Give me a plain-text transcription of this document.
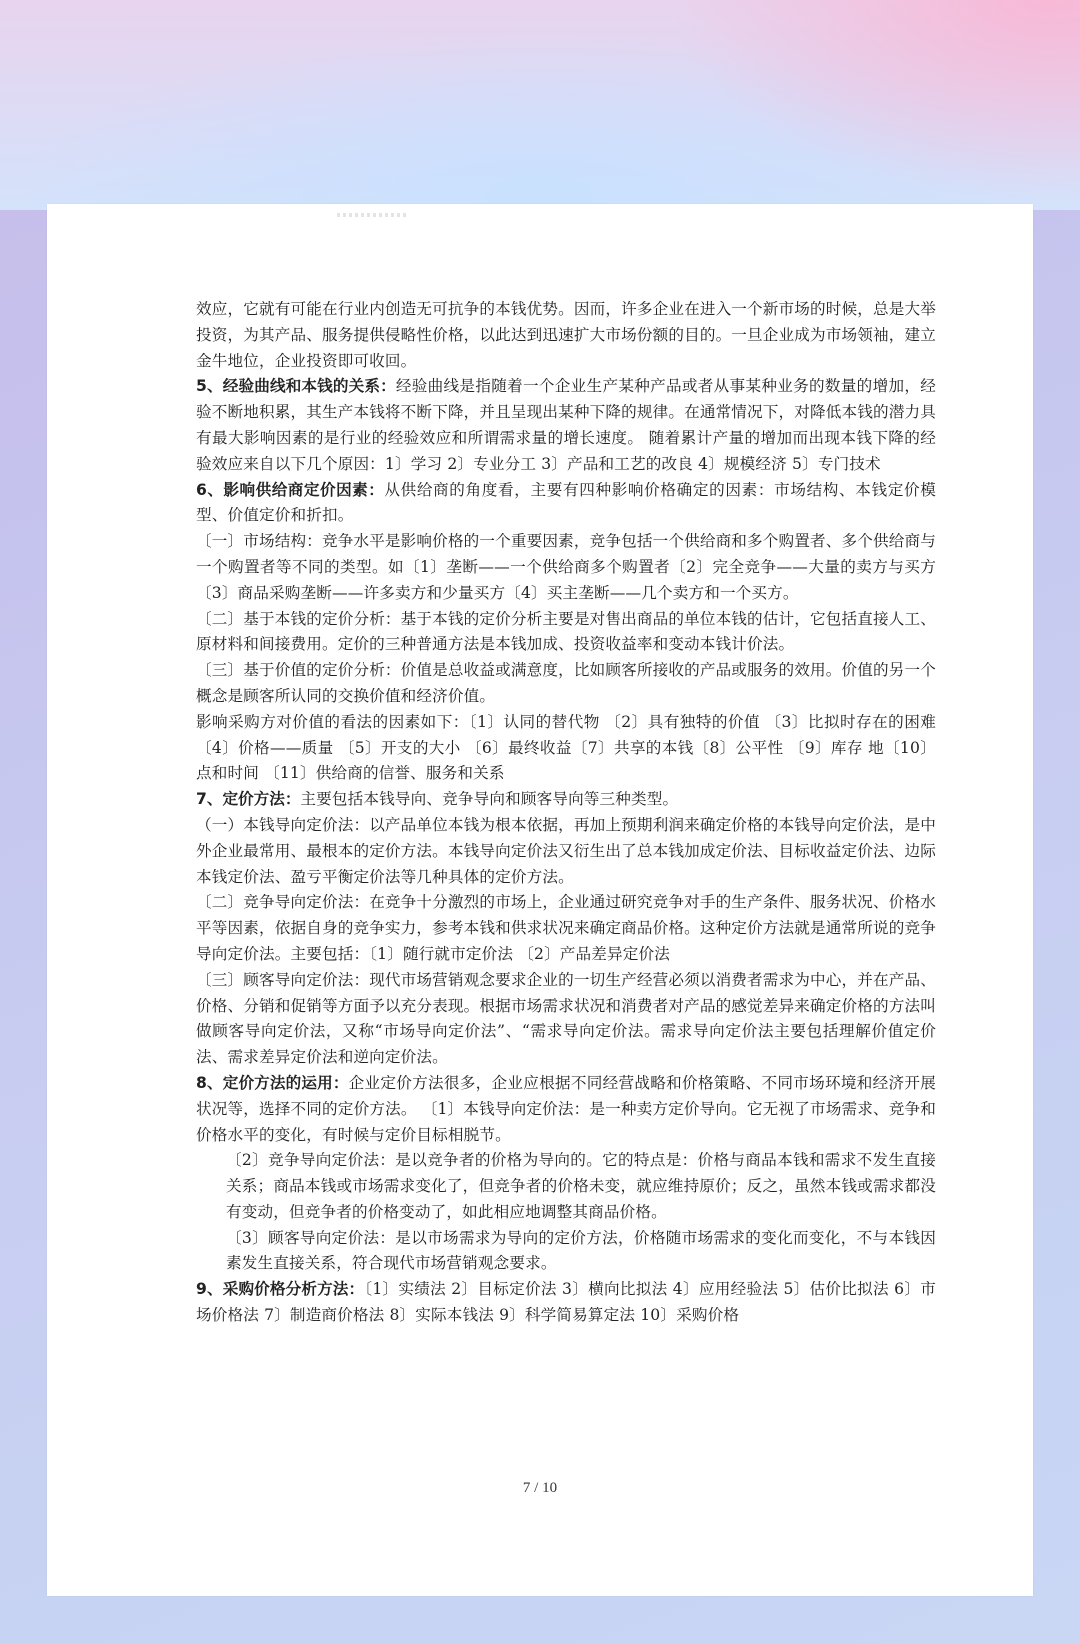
效应，它就有可能在行业内创造无可抗争的本钱优势。因而，许多企业在进入一个新市场的时候，总是大举投资，为其产品、服务提供侵略性价格，以此达到迅速扩大市场份额的目的。一旦企业成为市场领袖，建立金牛地位，企业投资即可收回。

5、经验曲线和本钱的关系：经验曲线是指随着一个企业生产某种产品或者从事某种业务的数量的增加，经验不断地积累，其生产本钱将不断下降，并且呈现出某种下降的规律。在通常情况下，对降低本钱的潜力具有最大影响因素的是行业的经验效应和所谓需求量的增长速度。 随着累计产量的增加而出现本钱下降的经验效应来自以下几个原因：1〕学习 2〕专业分工 3〕产品和工艺的改良 4〕规模经济 5〕专门技术

6、影响供给商定价因素：从供给商的角度看，主要有四种影响价格确定的因素：市场结构、本钱定价模型、价值定价和折扣。

〔一〕市场结构：竞争水平是影响价格的一个重要因素，竞争包括一个供给商和多个购置者、多个供给商与一个购置者等不同的类型。如〔1〕垄断——一个供给商多个购置者〔2〕完全竞争——大量的卖方与买方〔3〕商品采购垄断——许多卖方和少量买方〔4〕买主垄断——几个卖方和一个买方。

〔二〕基于本钱的定价分析：基于本钱的定价分析主要是对售出商品的单位本钱的估计，它包括直接人工、原材料和间接费用。定价的三种普通方法是本钱加成、投资收益率和变动本钱计价法。

〔三〕基于价值的定价分析：价值是总收益或满意度，比如顾客所接收的产品或服务的效用。价值的另一个概念是顾客所认同的交换价值和经济价值。

影响采购方对价值的看法的因素如下：〔1〕认同的替代物 〔2〕具有独特的价值 〔3〕比拟时存在的困难 〔4〕价格——质量 〔5〕开支的大小 〔6〕最终收益〔7〕共享的本钱〔8〕公平性 〔9〕库存 地〔10〕点和时间 〔11〕供给商的信誉、服务和关系

7、定价方法：主要包括本钱导向、竞争导向和顾客导向等三种类型。

（一）本钱导向定价法：以产品单位本钱为根本依据，再加上预期利润来确定价格的本钱导向定价法，是中外企业最常用、最根本的定价方法。本钱导向定价法又衍生出了总本钱加成定价法、目标收益定价法、边际本钱定价法、盈亏平衡定价法等几种具体的定价方法。

〔二〕竞争导向定价法：在竞争十分激烈的市场上，企业通过研究竞争对手的生产条件、服务状况、价格水平等因素，依据自身的竞争实力，参考本钱和供求状况来确定商品价格。这种定价方法就是通常所说的竞争导向定价法。主要包括：〔1〕随行就市定价法 〔2〕产品差异定价法

〔三〕顾客导向定价法：现代市场营销观念要求企业的一切生产经营必须以消费者需求为中心，并在产品、价格、分销和促销等方面予以充分表现。根据市场需求状况和消费者对产品的感觉差异来确定价格的方法叫做顾客导向定价法，又称“市场导向定价法”、“需求导向定价法。需求导向定价法主要包括理解价值定价法、需求差异定价法和逆向定价法。

8、定价方法的运用：企业定价方法很多，企业应根据不同经营战略和价格策略、不同市场环境和经济开展状况等，选择不同的定价方法。 〔1〕本钱导向定价法：是一种卖方定价导向。它无视了市场需求、竞争和价格水平的变化，有时候与定价目标相脱节。

〔2〕竞争导向定价法：是以竞争者的价格为导向的。它的特点是：价格与商品本钱和需求不发生直接关系；商品本钱或市场需求变化了，但竞争者的价格未变，就应维持原价；反之，虽然本钱或需求都没有变动，但竞争者的价格变动了，如此相应地调整其商品价格。

〔3〕顾客导向定价法：是以市场需求为导向的定价方法，价格随市场需求的变化而变化，不与本钱因素发生直接关系，符合现代市场营销观念要求。

9、采购价格分析方法：〔1〕实绩法 2〕目标定价法 3〕横向比拟法 4〕应用经验法 5〕估价比拟法 6〕市场价格法 7〕制造商价格法 8〕实际本钱法 9〕科学简易算定法 10〕采购价格

7 / 10
